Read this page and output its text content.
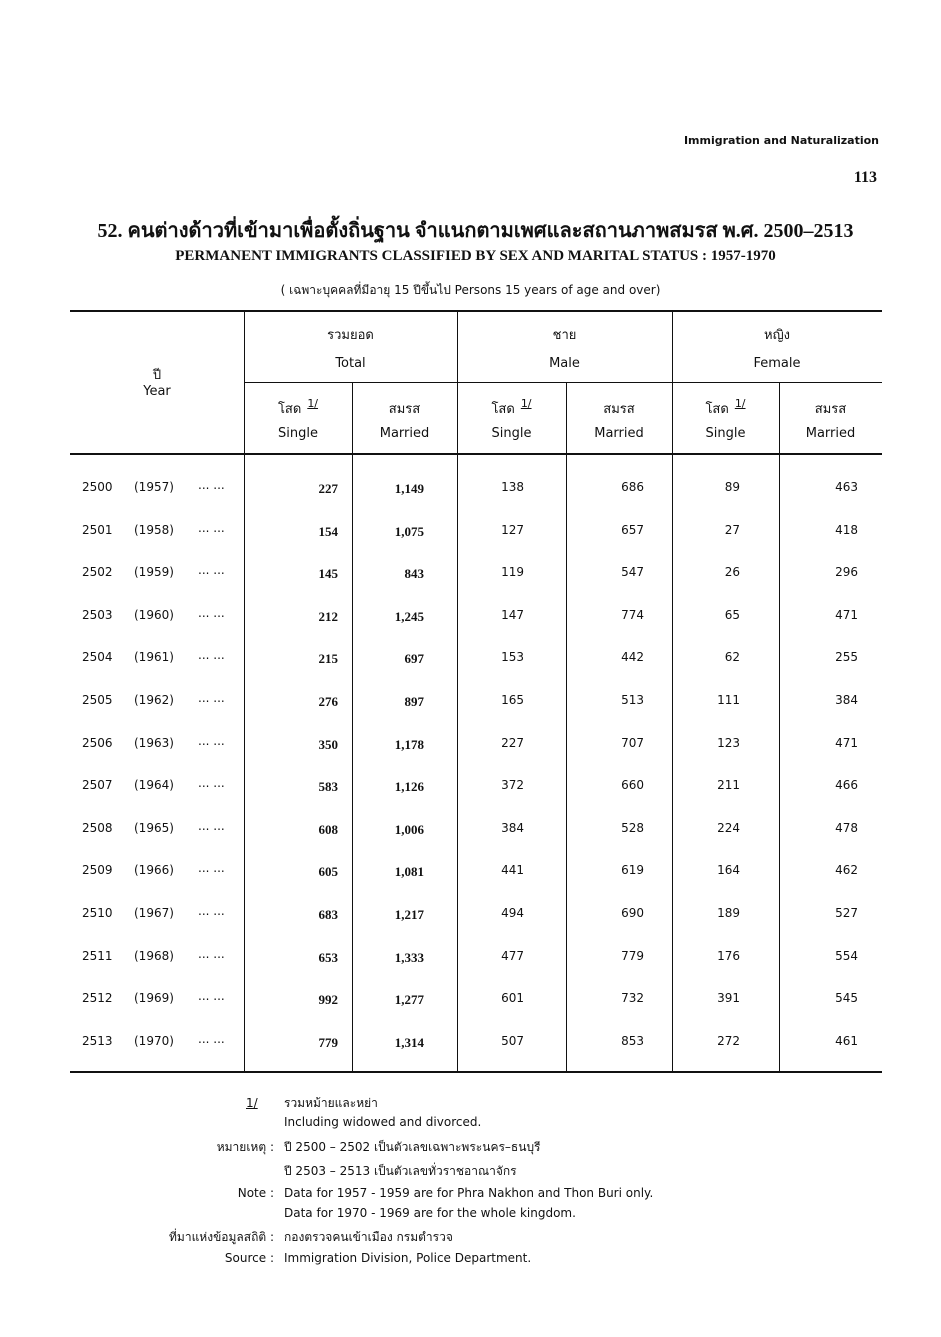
Immigration and Naturalization
113
52. คนต่างด้าวที่เข้ามาเพื่อตั้งถิ่นฐาน จำแนกตามเพศและสถานภาพสมรส พ.ศ. 2500–2513
PERMANENT IMMIGRANTS CLASSIFIED BY SEX AND MARITAL STATUS : 1957-1970
( เฉพาะบุคคลที่มีอายุ 15 ปีขึ้นไป Persons 15 years of age and over)
ปี
Year
รวมยอด
Total
ชาย
Male
หญิง
Female
โสด $^{1/}$
Single
สมรส
Married
โสด $^{1/}$
Single
สมรส
Married
โสด $^{1/}$
Single
สมรส
Married
2500 (1957) ... ...	227	1,149	138	686	89	463
2501 (1958) ... ...	154	1,075	127	657	27	418
2502 (1959) ... ...	145	843	119	547	26	296
2503 (1960) ... ...	212	1,245	147	774	65	471
2504 (1961) ... ...	215	697	153	442	62	255
2505 (1962) ... ...	276	897	165	513	111	384
2506 (1963) ... ...	350	1,178	227	707	123	471
2507 (1964) ... ...	583	1,126	372	660	211	466
2508 (1965) ... ...	608	1,006	384	528	224	478
2509 (1966) ... ...	605	1,081	441	619	164	462
2510 (1967) ... ...	683	1,217	494	690	189	527
2511 (1968) ... ...	653	1,333	477	779	176	554
2512 (1969) ... ...	992	1,277	601	732	391	545
2513 (1970) ... ...	779	1,314	507	853	272	461
1/ รวมหม้ายและหย่า
Including widowed and divorced.
หมายเหตุ : ปี 2500 – 2502 เป็นตัวเลขเฉพาะพระนคร–ธนบุรี
ปี 2503 – 2513 เป็นตัวเลขทั่วราชอาณาจักร
Note : Data for 1957 - 1959 are for Phra Nakhon and Thon Buri only.
Data for 1970 - 1969 are for the whole kingdom.
ที่มาแห่งข้อมูลสถิติ : กองตรวจคนเข้าเมือง กรมตำรวจ
Source : Immigration Division, Police Department.
